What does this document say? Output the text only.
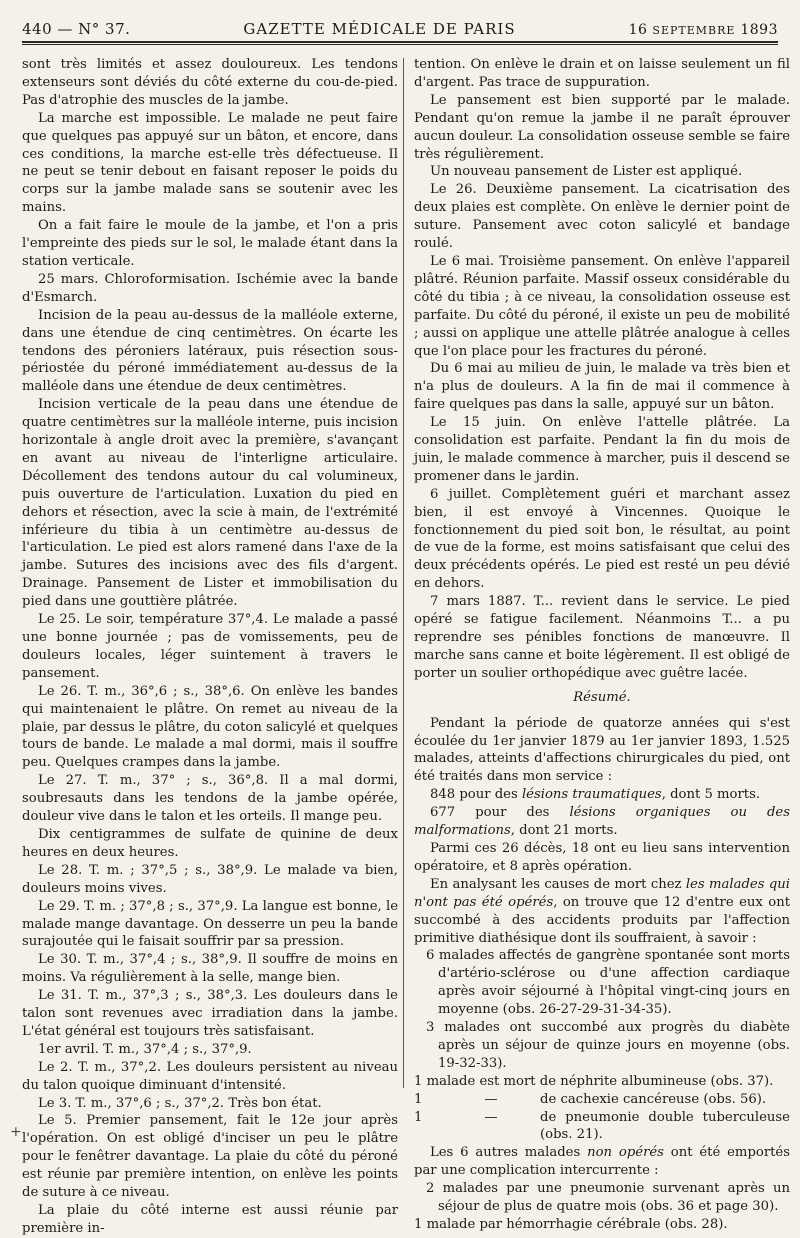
440 — N° 37.	GAZETTE MÉDICALE DE PARIS	16 SEPTEMBRE 1893

sont très limités et assez douloureux. Les tendons extenseurs sont déviés du côté externe du cou-de-pied. Pas d'atrophie des muscles de la jambe.

La marche est impossible. Le malade ne peut faire que quelques pas appuyé sur un bâton, et encore, dans ces conditions, la marche est-elle très défectueuse. Il ne peut se tenir debout en faisant reposer le poids du corps sur la jambe malade sans se soutenir avec les mains.

On a fait faire le moule de la jambe, et l'on a pris l'empreinte des pieds sur le sol, le malade étant dans la station verticale.

25 mars. Chloroformisation. Ischémie avec la bande d'Esmarch.

Incision de la peau au-dessus de la malléole externe, dans une étendue de cinq centimètres. On écarte les tendons des péroniers latéraux, puis résection sous-périostée du péroné immédiatement au-dessus de la malléole dans une étendue de deux centimètres.

Incision verticale de la peau dans une étendue de quatre centimètres sur la malléole interne, puis incision horizontale à angle droit avec la première, s'avançant en avant au niveau de l'interligne articulaire. Décollement des tendons autour du cal volumineux, puis ouverture de l'articulation. Luxation du pied en dehors et résection, avec la scie à main, de l'extrémité inférieure du tibia à un centimètre au-dessus de l'articulation. Le pied est alors ramené dans l'axe de la jambe. Sutures des incisions avec des fils d'argent. Drainage. Pansement de Lister et immobilisation du pied dans une gouttière plâtrée.

Le 25. Le soir, température 37°,4. Le malade a passé une bonne journée ; pas de vomissements, peu de douleurs locales, léger suintement à travers le pansement.

Le 26. T. m., 36°,6 ; s., 38°,6. On enlève les bandes qui maintenaient le plâtre. On remet au niveau de la plaie, par dessus le plâtre, du coton salicylé et quelques tours de bande. Le malade a mal dormi, mais il souffre peu. Quelques crampes dans la jambe.

Le 27. T. m., 37° ; s., 36°,8. Il a mal dormi, soubresauts dans les tendons de la jambe opérée, douleur vive dans le talon et les orteils. Il mange peu.

Dix centigrammes de sulfate de quinine de deux heures en deux heures.

Le 28. T. m. ; 37°,5 ; s., 38°,9. Le malade va bien, douleurs moins vives.

Le 29. T. m. ; 37°,8 ; s., 37°,9. La langue est bonne, le malade mange davantage. On desserre un peu la bande surajoutée qui le faisait souffrir par sa pression.

Le 30. T. m., 37°,4 ; s., 38°,9. Il souffre de moins en moins. Va régulièrement à la selle, mange bien.

Le 31. T. m., 37°,3 ; s., 38°,3. Les douleurs dans le talon sont revenues avec irradiation dans la jambe. L'état général est toujours très satisfaisant.

1er avril. T. m., 37°,4 ; s., 37°,9.

Le 2. T. m., 37°,2. Les douleurs persistent au niveau du talon quoique diminuant d'intensité.

Le 3. T. m., 37°,6 ; s., 37°,2. Très bon état.

Le 5. Premier pansement, fait le 12e jour après l'opération. On est obligé d'inciser un peu le plâtre pour le fenêtrer davantage. La plaie du côté du péroné est réunie par première intention, on enlève les points de suture à ce niveau.

La plaie du côté interne est aussi réunie par première in-

tention. On enlève le drain et on laisse seulement un fil d'argent. Pas trace de suppuration.

Le pansement est bien supporté par le malade. Pendant qu'on remue la jambe il ne paraît éprouver aucun douleur. La consolidation osseuse semble se faire très régulièrement.

Un nouveau pansement de Lister est appliqué.

Le 26. Deuxième pansement. La cicatrisation des deux plaies est complète. On enlève le dernier point de suture. Pansement avec coton salicylé et bandage roulé.

Le 6 mai. Troisième pansement. On enlève l'appareil plâtré. Réunion parfaite. Massif osseux considérable du côté du tibia ; à ce niveau, la consolidation osseuse est parfaite. Du côté du péroné, il existe un peu de mobilité ; aussi on applique une attelle plâtrée analogue à celles que l'on place pour les fractures du péroné.

Du 6 mai au milieu de juin, le malade va très bien et n'a plus de douleurs. A la fin de mai il commence à faire quelques pas dans la salle, appuyé sur un bâton.

Le 15 juin. On enlève l'attelle plâtrée. La consolidation est parfaite. Pendant la fin du mois de juin, le malade commence à marcher, puis il descend se promener dans le jardin.

6 juillet. Complètement guéri et marchant assez bien, il est envoyé à Vincennes. Quoique le fonctionnement du pied soit bon, le résultat, au point de vue de la forme, est moins satisfaisant que celui des deux précédents opérés. Le pied est resté un peu dévié en dehors.

7 mars 1887. T... revient dans le service. Le pied opéré se fatigue facilement. Néanmoins T... a pu reprendre ses pénibles fonctions de manœuvre. Il marche sans canne et boite légèrement. Il est obligé de porter un soulier orthopédique avec guêtre lacée.

Résumé.

Pendant la période de quatorze années qui s'est écoulée du 1er janvier 1879 au 1er janvier 1893, 1.525 malades, atteints d'affections chirurgicales du pied, ont été traités dans mon service :

848 pour des lésions traumatiques, dont 5 morts.

677 pour des lésions organiques ou des malformations, dont 21 morts.

Parmi ces 26 décès, 18 ont eu lieu sans intervention opératoire, et 8 après opération.

En analysant les causes de mort chez les malades qui n'ont pas été opérés, on trouve que 12 d'entre eux ont succombé à des accidents produits par l'affection primitive diathésique dont ils souffraient, à savoir :

6 malades affectés de gangrène spontanée sont morts d'artério-sclérose ou d'une affection cardiaque après avoir séjourné à l'hôpital vingt-cinq jours en moyenne (obs. 26-27-29-31-34-35).

3 malades ont succombé aux progrès du diabète après un séjour de quinze jours en moyenne (obs. 19-32-33).

1 malade est mort de néphrite albumineuse (obs. 37).

1	—	de cachexie cancéreuse (obs. 56).

1	—	de pneumonie double tuberculeuse (obs. 21).

Les 6 autres malades non opérés ont été emportés par une complication intercurrente :

2 malades par une pneumonie survenant après un séjour de plus de quatre mois (obs. 36 et page 30).

1 malade par hémorrhagie cérébrale (obs. 28).

+
